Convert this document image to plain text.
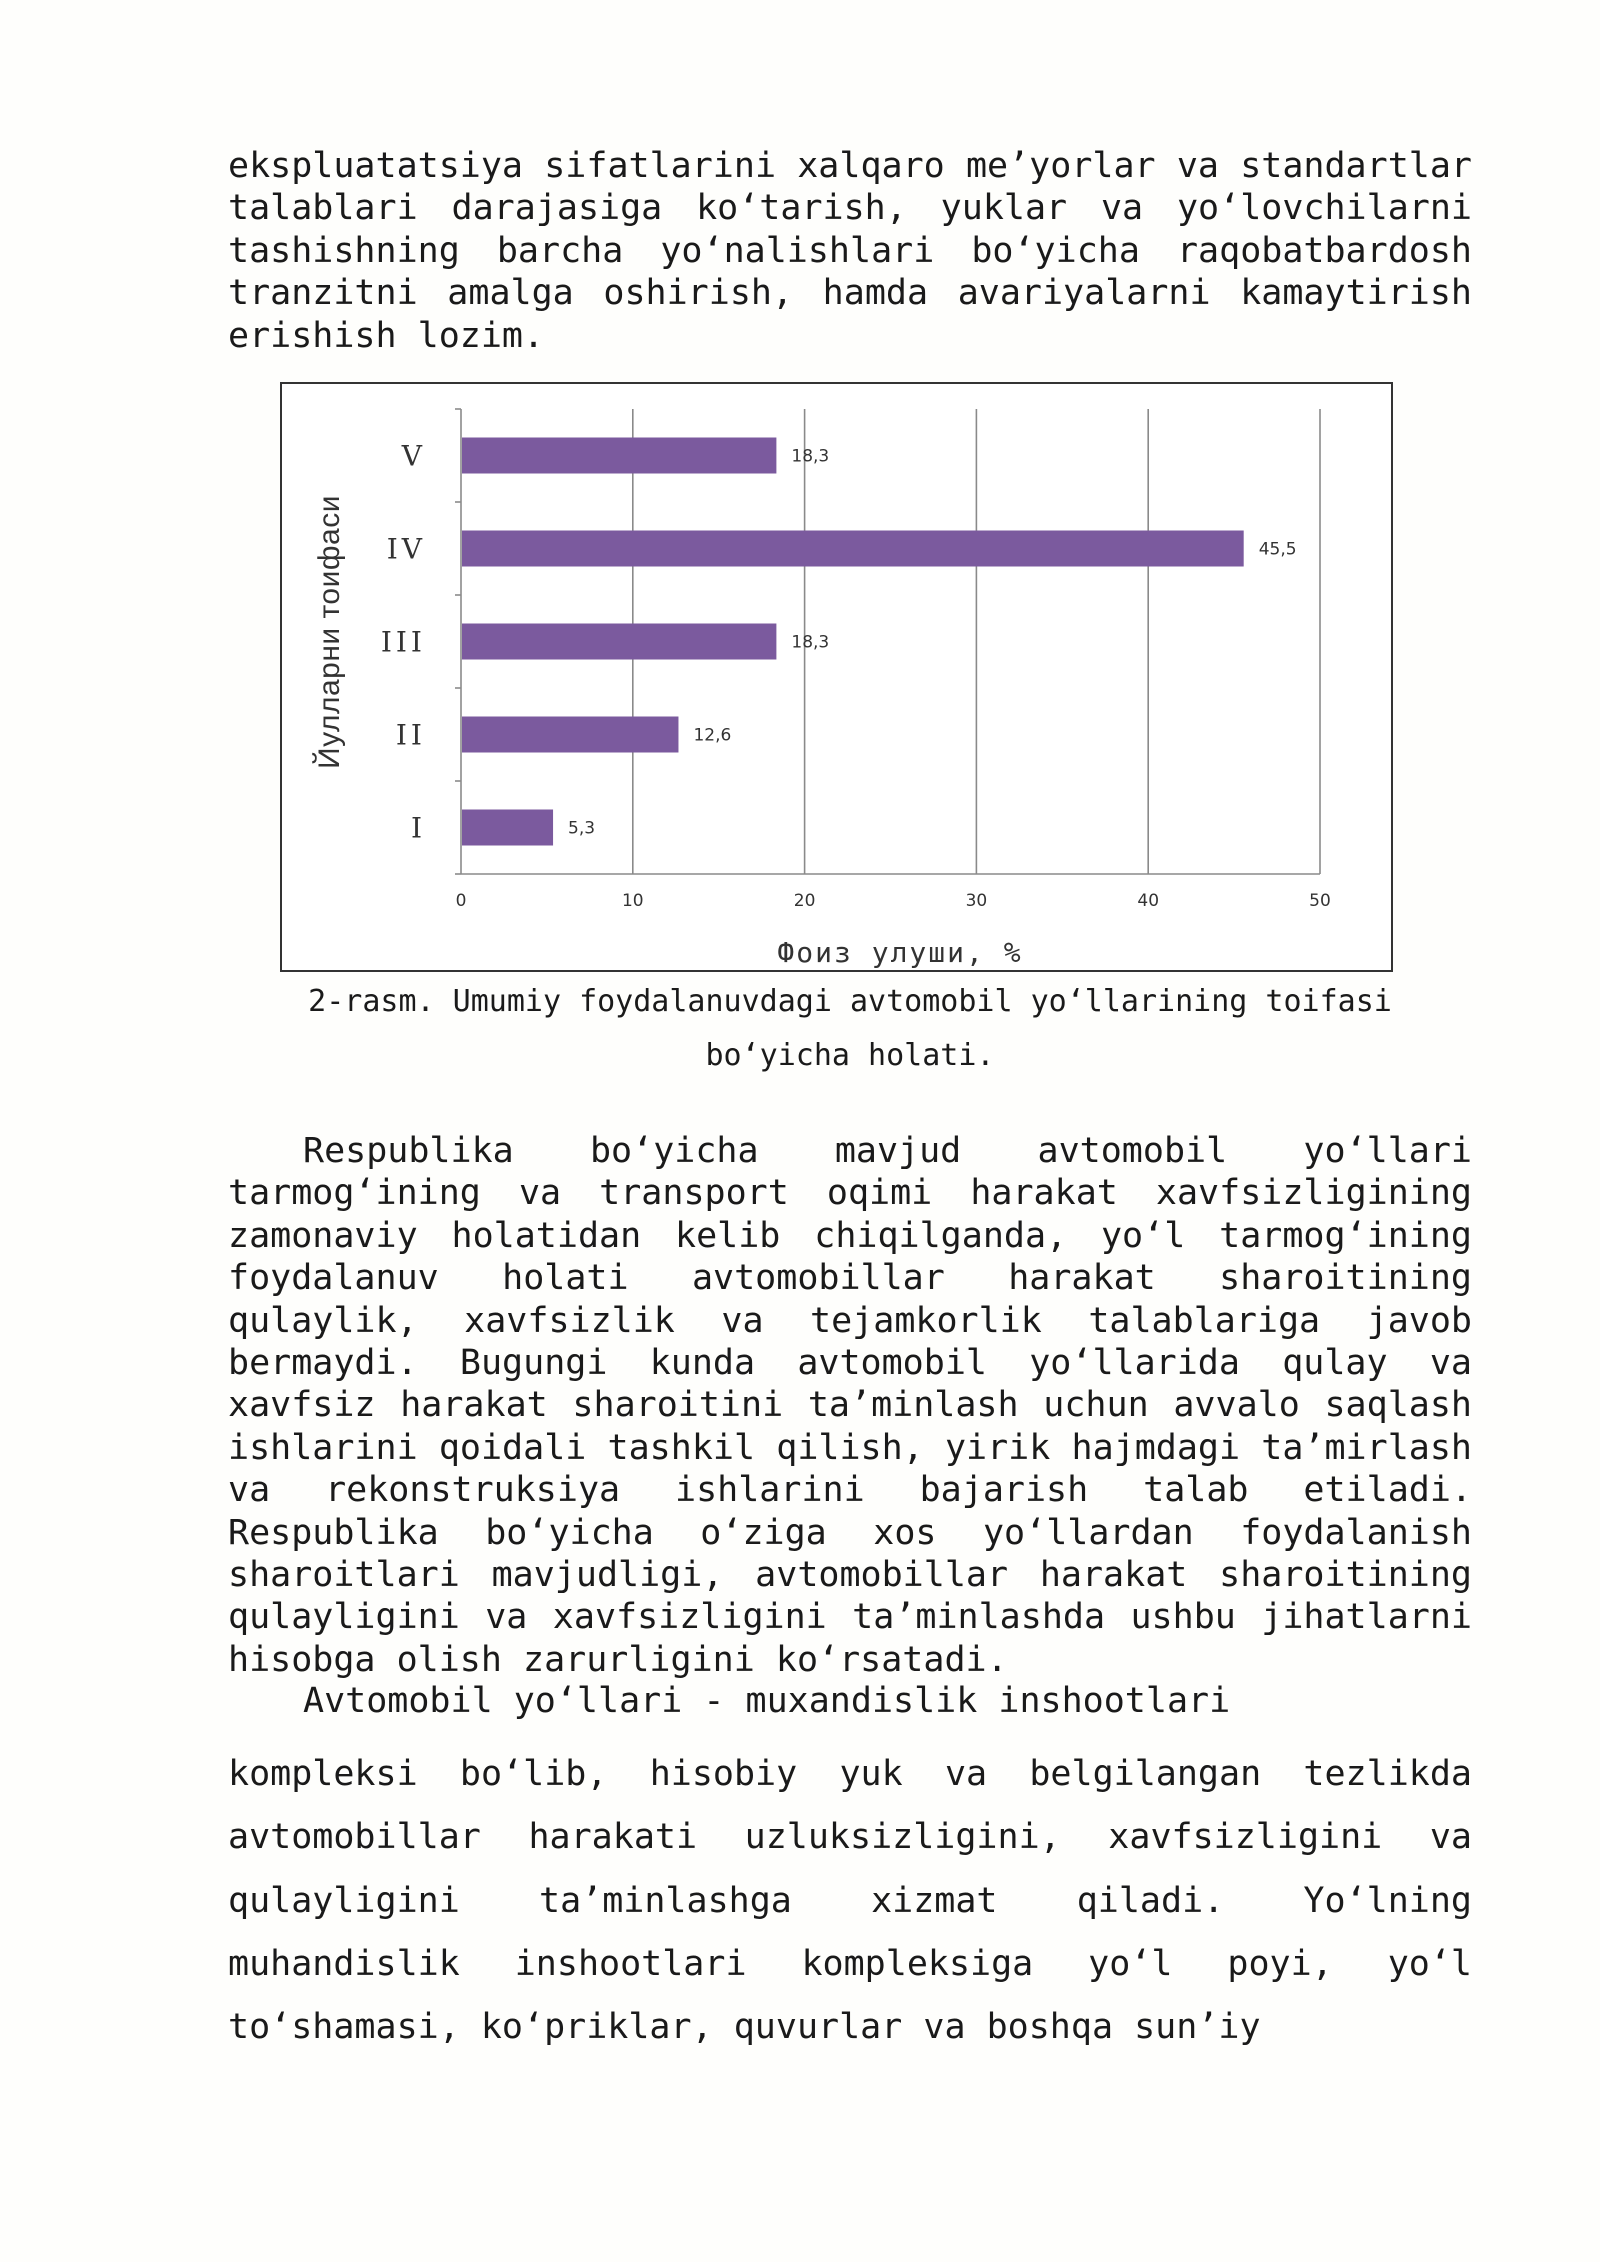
ekspluatatsiya sifatlarini xalqaro me’yorlar va standartlar talablari darajasiga ko‘tarish, yuklar va yo‘lovchilarni tashishning barcha yo‘nalishlari bo‘yicha raqobatbardosh tranzitni amalga oshirish, hamda avariyalarni kamaytirish erishish lozim.

0	10	20	30	40	50
5,3
I
12,6
II
18,3
III
45,5
IV
18,3
V
Йулларни тоифаси
Фоиз улуши, %

2-rasm. Umumiy foydalanuvdagi avtomobil yo‘llarining toifasi

bo‘yicha holati.

Respublika bo‘yicha mavjud avtomobil yo‘llari tarmog‘ining va transport oqimi harakat xavfsizligining zamonaviy holatidan kelib chiqilganda, yo‘l tarmog‘ining foydalanuv holati avtomobillar harakat sharoitining qulaylik, xavfsizlik va tejamkorlik talablariga javob bermaydi. Bugungi kunda avtomobil yo‘llarida qulay va xavfsiz harakat sharoitini ta’minlash uchun avvalo saqlash ishlarini qoidali tashkil qilish, yirik hajmdagi ta’mirlash va rekonstruksiya ishlarini bajarish talab etiladi. Respublika bo‘yicha o‘ziga xos yo‘llardan foydalanish sharoitlari mavjudligi, avtomobillar harakat sharoitining qulayligini va xavfsizligini ta’minlashda ushbu jihatlarni hisobga olish zarurligini ko‘rsatadi.

Avtomobil yo‘llari - muxandislik inshootlari

kompleksi bo‘lib, hisobiy yuk va belgilangan tezlikda avtomobillar harakati uzluksizligini, xavfsizligini va qulayligini ta’minlashga xizmat qiladi. Yo‘lning muhandislik inshootlari kompleksiga yo‘l poyi, yo‘l to‘shamasi, ko‘priklar, quvurlar va boshqa sun’iy
